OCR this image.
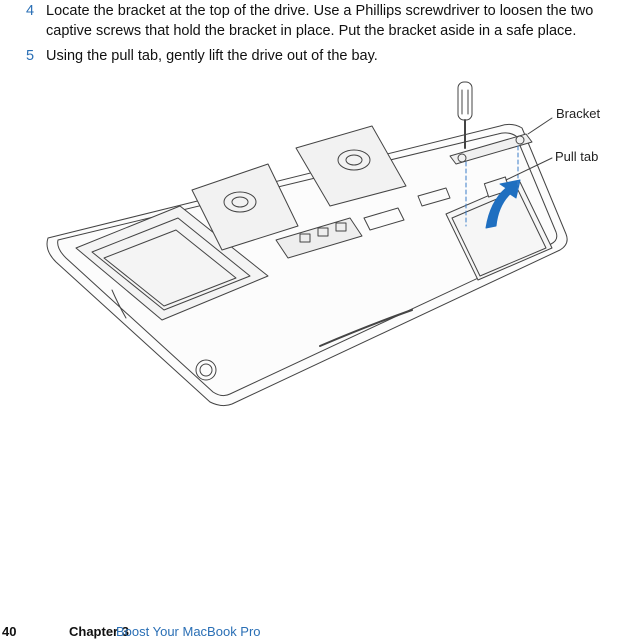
4 Locate the bracket at the top of the drive. Use a Phillips screwdriver to loosen the two captive screws that hold the bracket in place. Put the bracket aside in a safe place.
5 Using the pull tab, gently lift the drive out of the bay.
Bracket
Pull tab
40	Chapter 3
Boost Your MacBook Pro
